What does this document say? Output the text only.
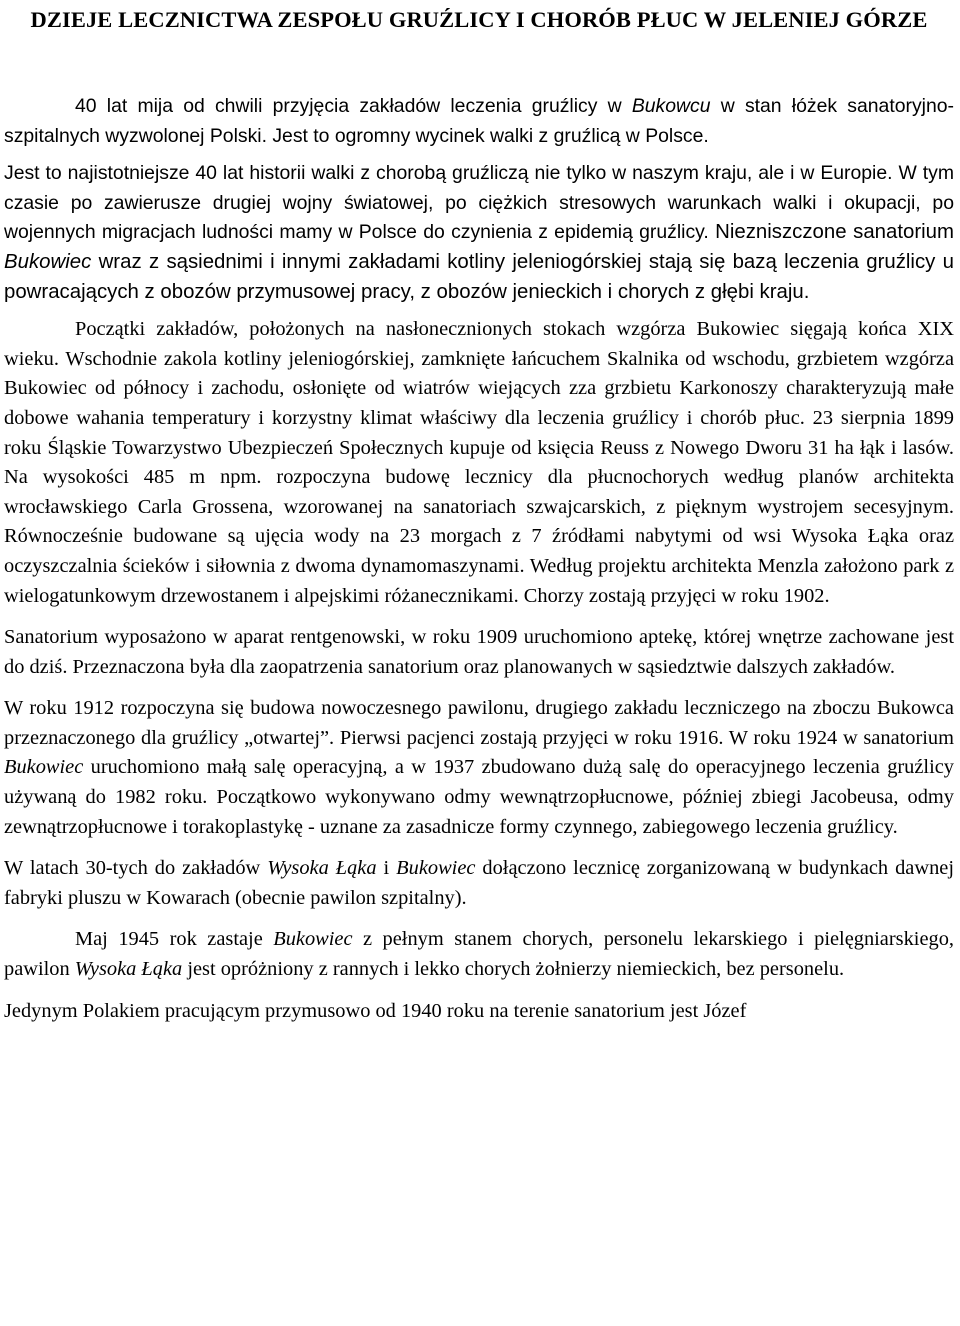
DZIEJE LECZNICTWA ZESPOŁU GRUŹLICY I CHORÓB PŁUC W JELENIEJ GÓRZE

40 lat mija od chwili przyjęcia zakładów leczenia gruźlicy w Bukowcu w stan łóżek sanatoryjno-szpitalnych wyzwolonej Polski. Jest to ogromny wycinek walki z gruźlicą w Polsce.

Jest to najistotniejsze 40 lat historii walki z chorobą gruźliczą nie tylko w naszym kraju, ale i w Europie. W tym czasie po zawierusze drugiej wojny światowej, po ciężkich stresowych warunkach walki i okupacji, po wojennych migracjach ludności mamy w Polsce do czynienia z epidemią gruźlicy. Niezniszczone sanatorium Bukowiec wraz z sąsiednimi i innymi zakładami kotliny jeleniogórskiej stają się bazą leczenia gruźlicy u powracających z obozów przymusowej pracy, z obozów jenieckich i chorych z głębi kraju.

Początki zakładów, położonych na nasłonecznionych stokach wzgórza Bukowiec sięgają końca XIX wieku. Wschodnie zakola kotliny jeleniogórskiej, zamknięte łańcuchem Skalnika od wschodu, grzbietem wzgórza Bukowiec od północy i zachodu, osłonięte od wiatrów wiejących zza grzbietu Karkonoszy charakteryzują małe dobowe wahania temperatury i korzystny klimat właściwy dla leczenia gruźlicy i chorób płuc. 23 sierpnia 1899 roku Śląskie Towarzystwo Ubezpieczeń Społecznych kupuje od księcia Reuss z Nowego Dworu 31 ha łąk i lasów. Na wysokości 485 m npm. rozpoczyna budowę lecznicy dla płucnochorych według planów architekta wrocławskiego Carla Grossena, wzorowanej na sanatoriach szwajcarskich, z pięknym wystrojem secesyjnym. Równocześnie budowane są ujęcia wody na 23 morgach z 7 źródłami nabytymi od wsi Wysoka Łąka oraz oczyszczalnia ścieków i siłownia z dwoma dynamomaszynami. Według projektu architekta Menzla założono park z wielogatunkowym drzewostanem i alpejskimi różanecznikami. Chorzy zostają przyjęci w roku 1902.

Sanatorium wyposażono w aparat rentgenowski, w roku 1909 uruchomiono aptekę, której wnętrze zachowane jest do dziś. Przeznaczona była dla zaopatrzenia sanatorium oraz planowanych w sąsiedztwie dalszych zakładów.

W roku 1912 rozpoczyna się budowa nowoczesnego pawilonu, drugiego zakładu leczniczego na zboczu Bukowca przeznaczonego dla gruźlicy „otwartej”. Pierwsi pacjenci zostają przyjęci w roku 1916. W roku 1924 w sanatorium Bukowiec uruchomiono małą salę operacyjną, a w 1937 zbudowano dużą salę do operacyjnego leczenia gruźlicy używaną do 1982 roku. Początkowo wykonywano odmy wewnątrzopłucnowe, później zbiegi Jacobeusa, odmy zewnątrzopłucnowe i torakoplastykę - uznane za zasadnicze formy czynnego, zabiegowego leczenia gruźlicy.

W latach 30-tych do zakładów Wysoka Łąka i Bukowiec dołączono lecznicę zorganizowaną w budynkach dawnej fabryki pluszu w Kowarach (obecnie pawilon szpitalny).

Maj 1945 rok zastaje Bukowiec z pełnym stanem chorych, personelu lekarskiego i pielęgniarskiego, pawilon Wysoka Łąka jest opróżniony z rannych i lekko chorych żołnierzy niemieckich, bez personelu.

Jedynym Polakiem pracującym przymusowo od 1940 roku na terenie sanatorium jest Józef
